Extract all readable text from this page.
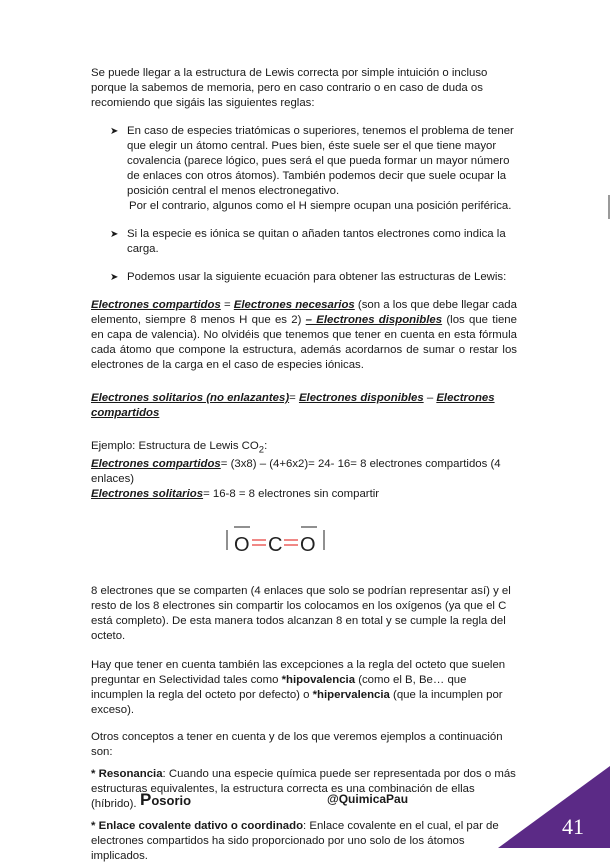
Se puede llegar a la estructura de Lewis correcta por simple intuición o incluso porque la sabemos de memoria, pero en caso contrario o en caso de duda os recomiendo que sigáis las siguientes reglas:

➤ En caso de especies triatómicas o superiores, tenemos el problema de tener que elegir un átomo central. Pues bien, éste suele ser el que tiene mayor covalencia (parece lógico, pues será el que pueda formar un mayor número de enlaces con otros átomos). También podemos decir que suele ocupar la posición central el menos electronegativo.
Por el contrario, algunos como el H siempre ocupan una posición periférica.
➤ Si la especie es iónica se quitan o añaden tantos electrones como indica la carga.
➤ Podemos usar la siguiente ecuación para obtener las estructuras de Lewis:

Electrones compartidos = Electrones necesarios (son a los que debe llegar cada elemento, siempre 8 menos H que es 2) – Electrones disponibles (los que tiene en capa de valencia). No olvidéis que tenemos que tener en cuenta en esta fórmula cada átomo que compone la estructura, además acordarnos de sumar o restar los electrones de la carga en el caso de especies iónicas.

Electrones solitarios (no enlazantes)= Electrones disponibles – Electrones compartidos

Ejemplo: Estructura de Lewis $CO_2$:

Electrones compartidos= (3x8) – (4+6x2)= 24- 16= 8 electrones compartidos (4 enlaces)

Electrones solitarios= 16-8 = 8 electrones sin compartir

O C O

8 electrones que se comparten (4 enlaces que solo se podrían representar así) y el resto de los 8 electrones sin compartir los colocamos en los oxígenos (ya que el C está completo). De esta manera todos alcanzan 8 en total y se cumple la regla del octeto.

Hay que tener en cuenta también las excepciones a la regla del octeto que suelen preguntar en Selectividad tales como *hipovalencia (como el B, Be… que incumplen la regla del octeto por defecto) o *hipervalencia (que la incumplen por exceso).

Otros conceptos a tener en cuenta y de los que veremos ejemplos a continuación son:

* Resonancia: Cuando una especie química puede ser representada por dos o más estructuras equivalentes, la estructura correcta es una combinación de ellas (híbrido).

* Enlace covalente dativo o coordinado: Enlace covalente en el cual, el par de electrones compartidos ha sido proporcionado por uno solo de los átomos implicados.

Posorio	@QuimicaPau
41
